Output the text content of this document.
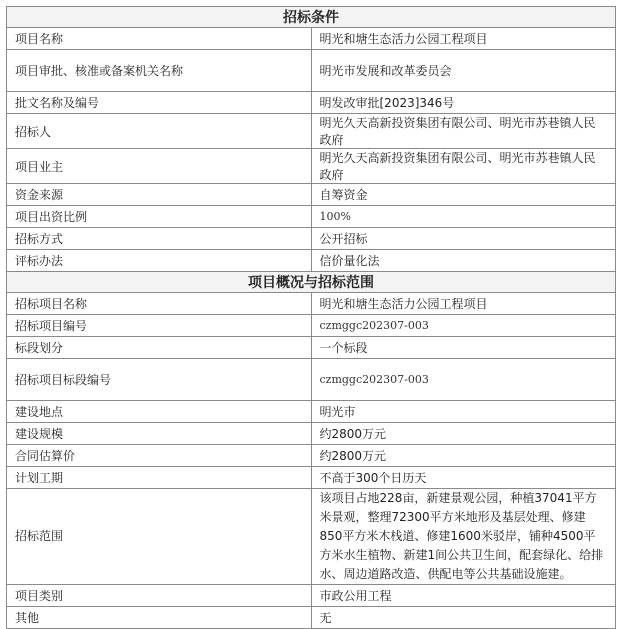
招标条件	
项目名称	明光和塘生态活力公园工程项目
项目审批、核准或备案机关名称	明光市发展和改革委员会
批文名称及编号	明发改审批[2023]346号
招标人	明光久天高新投资集团有限公司、明光市苏巷镇人民政府
项目业主	明光久天高新投资集团有限公司、明光市苏巷镇人民政府
资金来源	自筹资金
项目出资比例	100%
招标方式	公开招标
评标办法	信价量化法
项目概况与招标范围	
招标项目名称	明光和塘生态活力公园工程项目
招标项目编号	czmggc202307-003
标段划分	一个标段
招标项目标段编号	czmggc202307-003
建设地点	明光市
建设规模	约2800万元
合同估算价	约2800万元
计划工期	不高于300个日历天
招标范围	该项目占地228亩，新建景观公园，种植37041平方米景观，整理72300平方米地形及基层处理、修建850平方米木栈道、修建1600米驳岸，铺种4500平方米水生植物、新建1间公共卫生间，配套绿化、给排水、周边道路改造、供配电等公共基础设施建。
项目类别	市政公用工程
其他	无
